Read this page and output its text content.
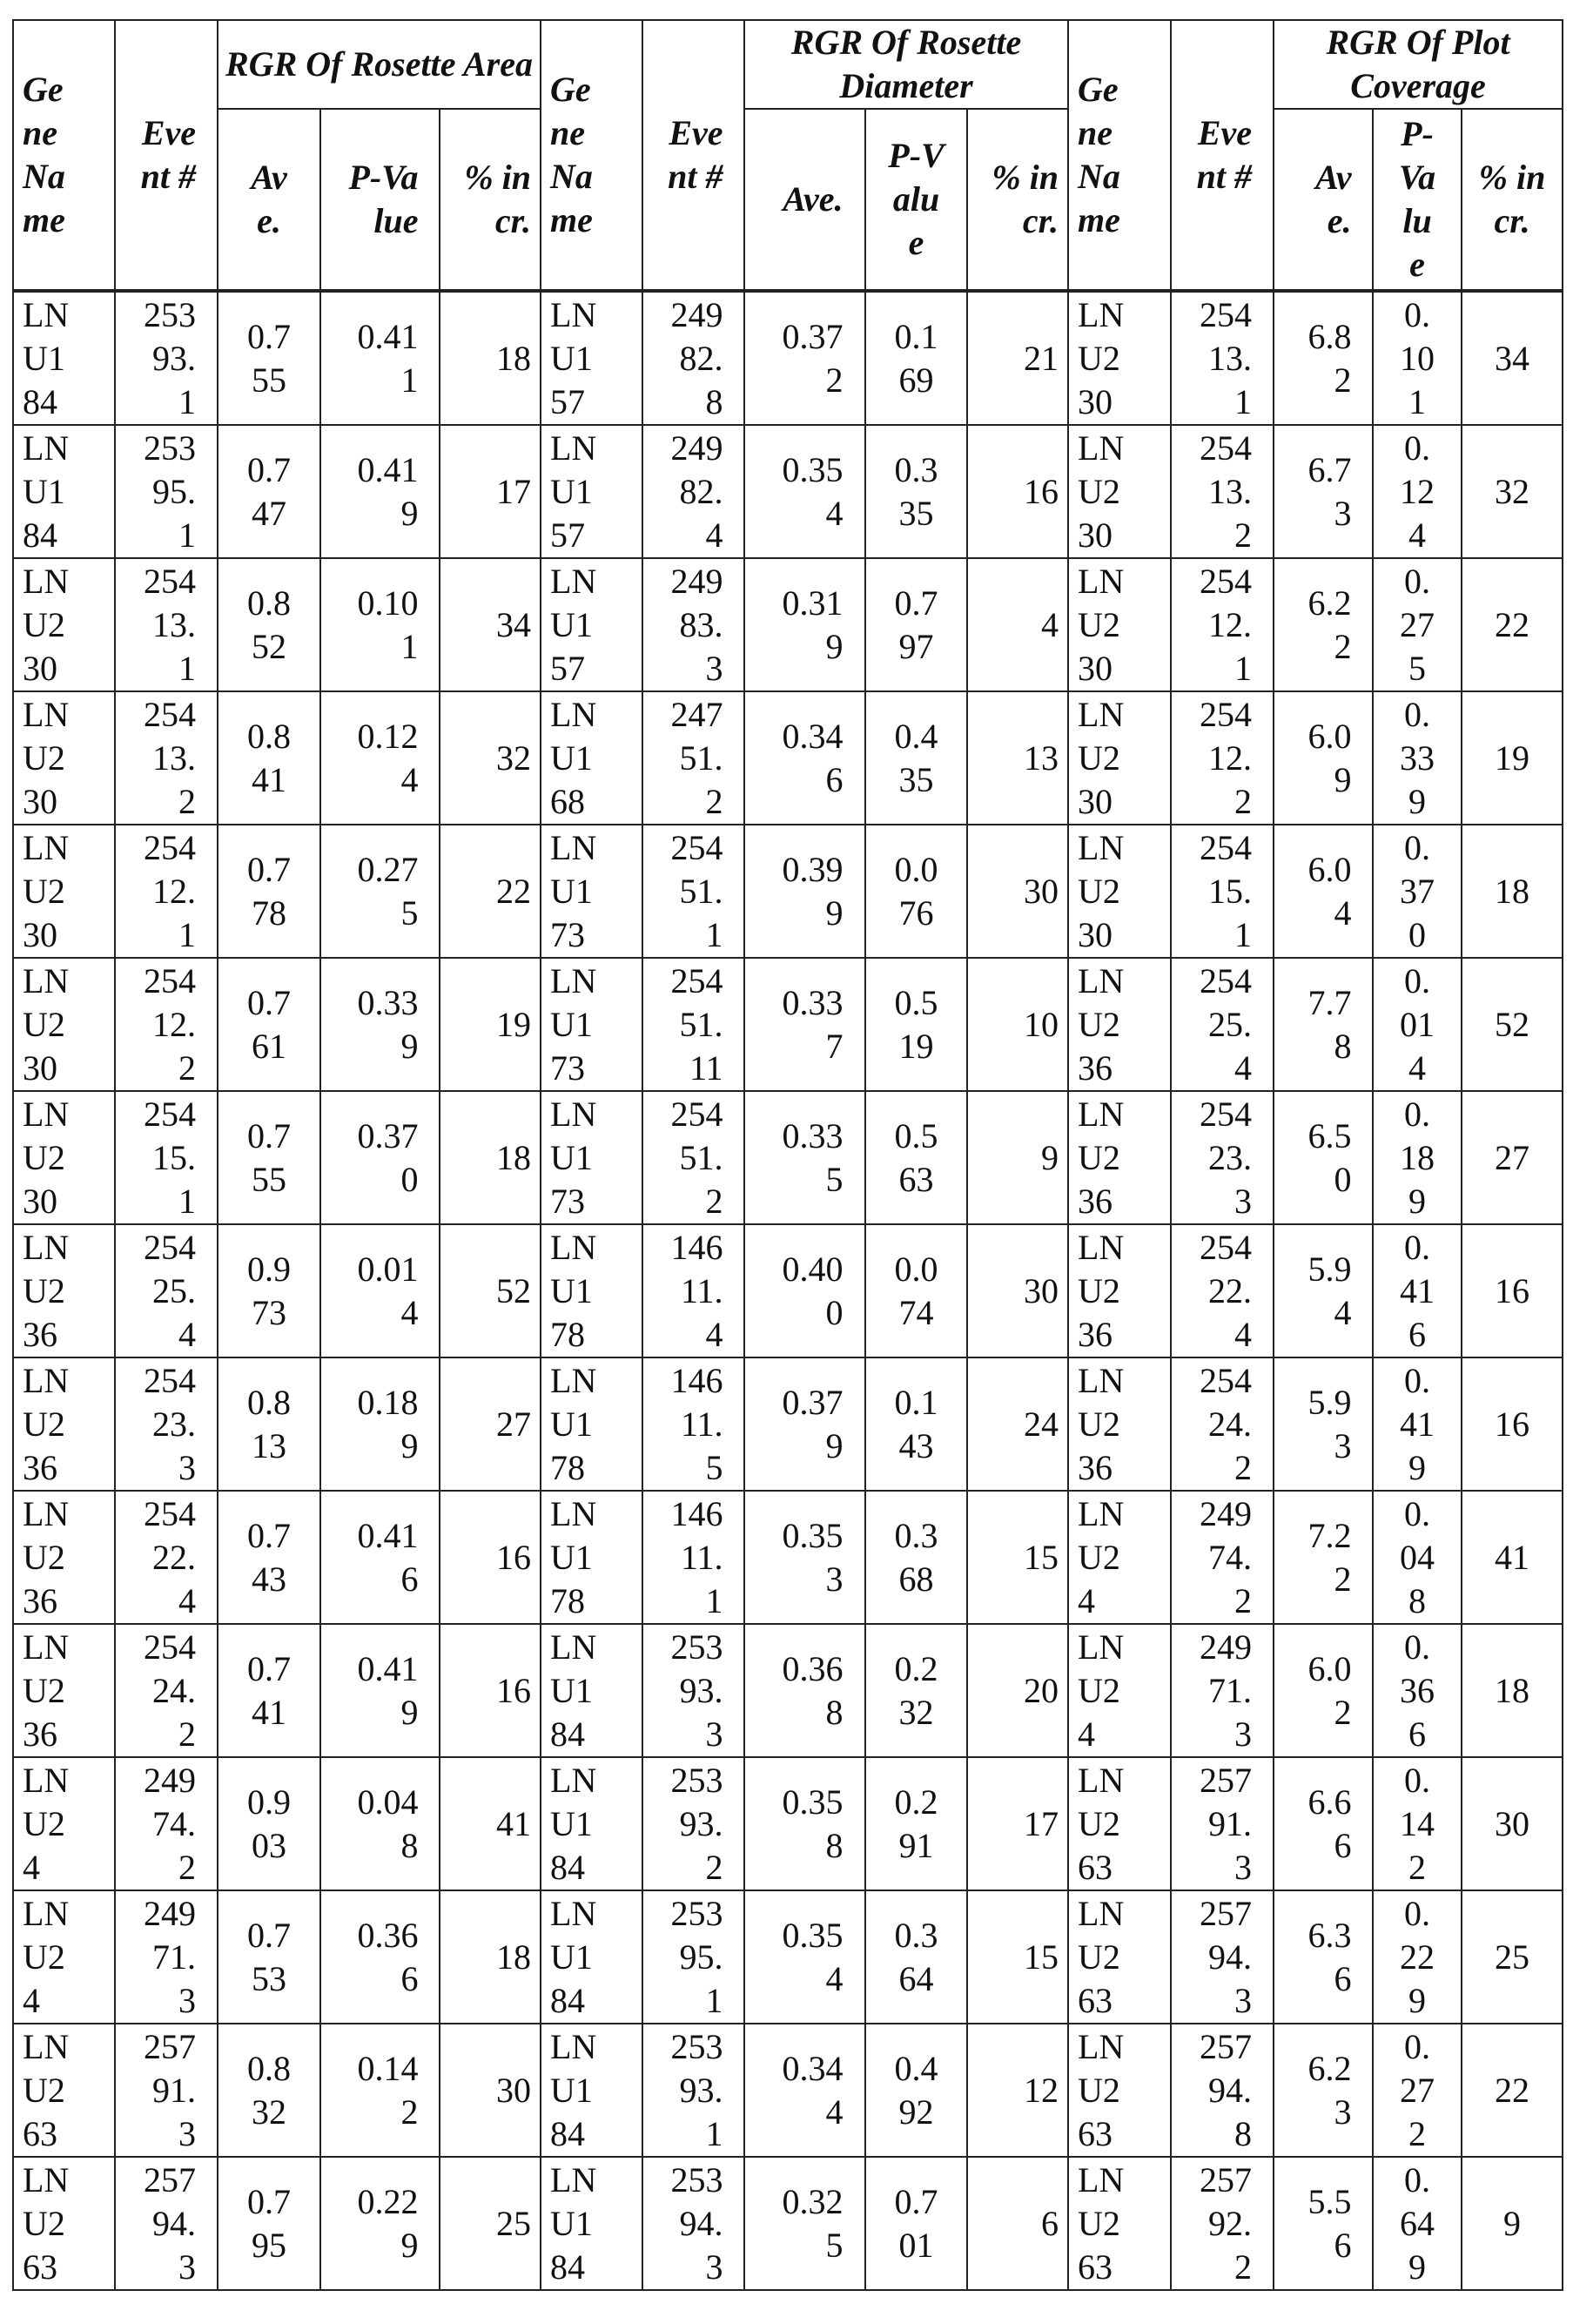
Gene Name

Event #

RGR Of Rosette Area

Gene Name

Event #

RGR Of Rosette Diameter	Gene Name

Event #

RGR Of Plot Coverage

Ave.

P-Value

% incr.

Ave.

P-Value

% incr.

Ave.

P-Value

% incr.

LNU184

25393.1

0.755

0.411

18

LNU157

24982.8

0.372

0.169

21

LNU230

25413.1

6.82

0.101

34

LNU184

25395.1

0.747

0.419

17

LNU157

24982.4

0.354

0.335

16

LNU230

25413.2

6.73

0.124

32

LNU230

25413.1

0.852

0.101

34

LNU157

24983.3

0.319

0.797

4

LNU230

25412.1

6.22

0.275

22

LNU230

25413.2

0.841

0.124

32

LNU168

24751.2

0.346

0.435

13

LNU230

25412.2

6.09

0.339

19

LNU230

25412.1

0.778

0.275

22

LNU173

25451.1

0.399

0.076

30

LNU230

25415.1

6.04

0.370

18

LNU230

25412.2

0.761

0.339

19

LNU173

25451.11

0.337

0.519

10

LNU236

25425.4

7.78

0.014

52

LNU230

25415.1

0.755

0.370

18

LNU173

25451.2

0.335

0.563

9

LNU236

25423.3

6.50

0.189

27

LNU236

25425.4

0.973

0.014

52

LNU178

14611.4

0.400

0.074

30

LNU236

25422.4

5.94

0.416

16

LNU236

25423.3

0.813

0.189

27

LNU178

14611.5

0.379

0.143

24

LNU236

25424.2

5.93

0.419

16

LNU236

25422.4

0.743

0.416

16

LNU178

14611.1

0.353

0.368

15

LNU24

24974.2

7.22

0.048

41

LNU236

25424.2

0.741

0.419

16

LNU184

25393.3

0.368

0.232

20

LNU24

24971.3

6.02

0.366

18

LNU24

24974.2

0.903

0.048

41

LNU184

25393.2

0.358

0.291

17

LNU263

25791.3

6.66

0.142

30

LNU24

24971.3

0.753

0.366

18

LNU184

25395.1

0.354

0.364

15

LNU263

25794.3

6.36

0.229

25

LNU263

25791.3

0.832

0.142

30

LNU184

25393.1

0.344

0.492

12

LNU263

25794.8

6.23

0.272

22

LNU263

25794.3

0.795

0.229

25

LNU184

25394.3

0.325

0.701

6

LNU263

25792.2

5.56

0.649

9
